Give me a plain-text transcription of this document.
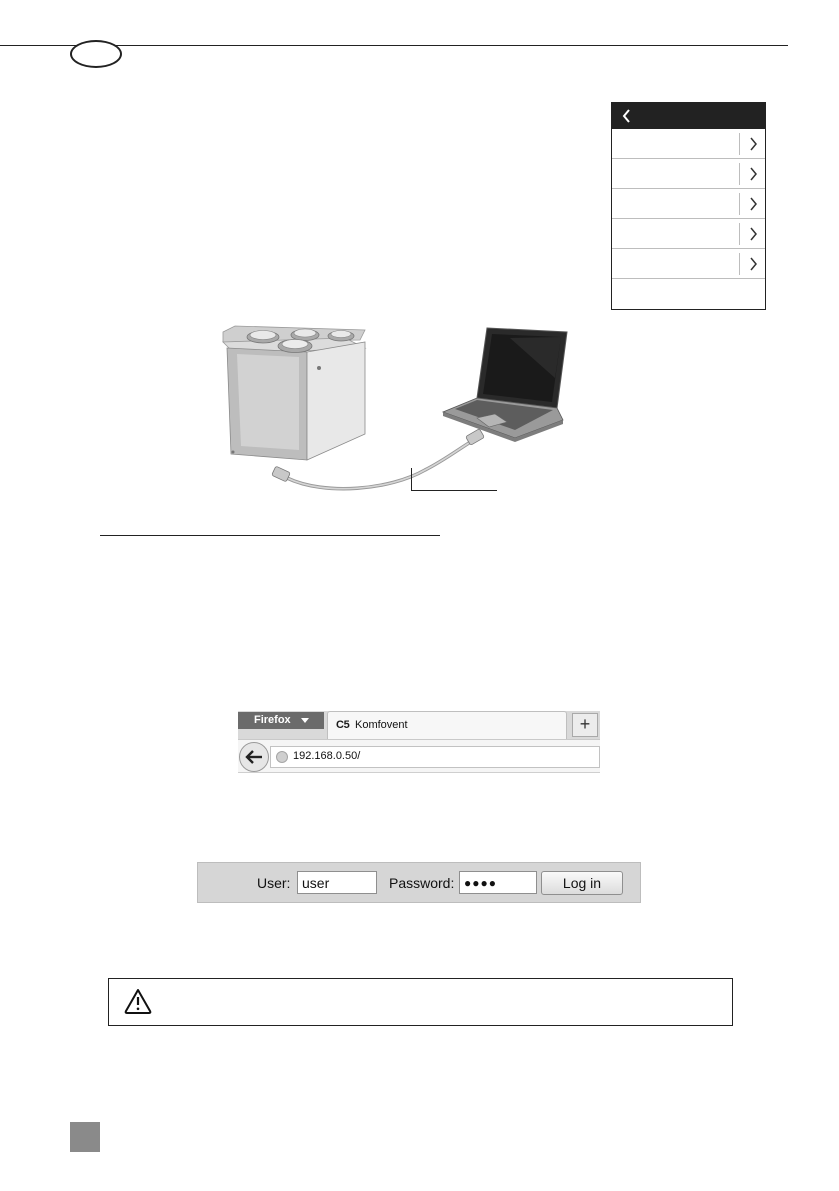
Firefox	C5 Komfovent	+
192.168.0.50/
User:
user	Password:
●●●●	Log in
